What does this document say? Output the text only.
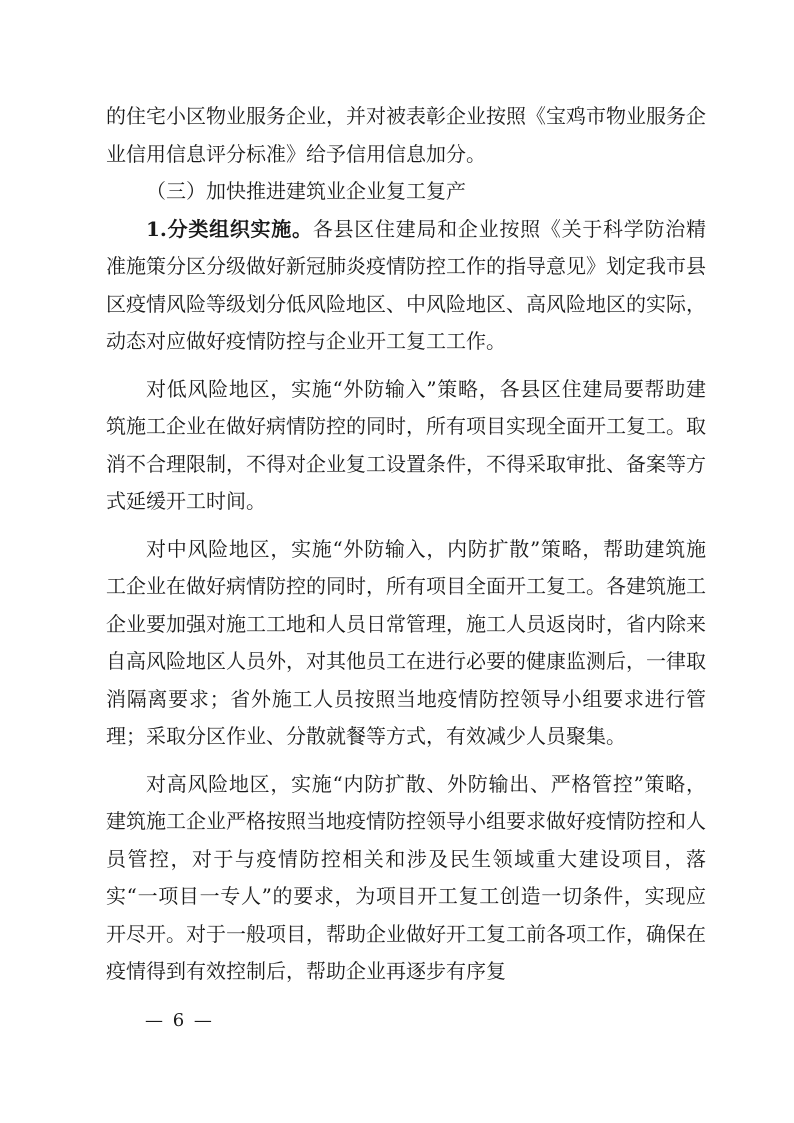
的住宅小区物业服务企业，并对被表彰企业按照《宝鸡市物业服务企业信用信息评分标准》给予信用信息加分。

（三）加快推进建筑业企业复工复产

1.分类组织实施。各县区住建局和企业按照《关于科学防治精准施策分区分级做好新冠肺炎疫情防控工作的指导意见》划定我市县区疫情风险等级划分低风险地区、中风险地区、高风险地区的实际，动态对应做好疫情防控与企业开工复工工作。

对低风险地区，实施“外防输入”策略，各县区住建局要帮助建筑施工企业在做好病情防控的同时，所有项目实现全面开工复工。取消不合理限制，不得对企业复工设置条件，不得采取审批、备案等方式延缓开工时间。

对中风险地区，实施“外防输入，内防扩散”策略，帮助建筑施工企业在做好病情防控的同时，所有项目全面开工复工。各建筑施工企业要加强对施工工地和人员日常管理，施工人员返岗时，省内除来自高风险地区人员外，对其他员工在进行必要的健康监测后，一律取消隔离要求；省外施工人员按照当地疫情防控领导小组要求进行管理；采取分区作业、分散就餐等方式，有效减少人员聚集。

对高风险地区，实施“内防扩散、外防输出、严格管控”策略，建筑施工企业严格按照当地疫情防控领导小组要求做好疫情防控和人员管控，对于与疫情防控相关和涉及民生领域重大建设项目，落实“一项目一专人”的要求，为项目开工复工创造一切条件，实现应开尽开。对于一般项目，帮助企业做好开工复工前各项工作，确保在疫情得到有效控制后，帮助企业再逐步有序复

— 6 —
